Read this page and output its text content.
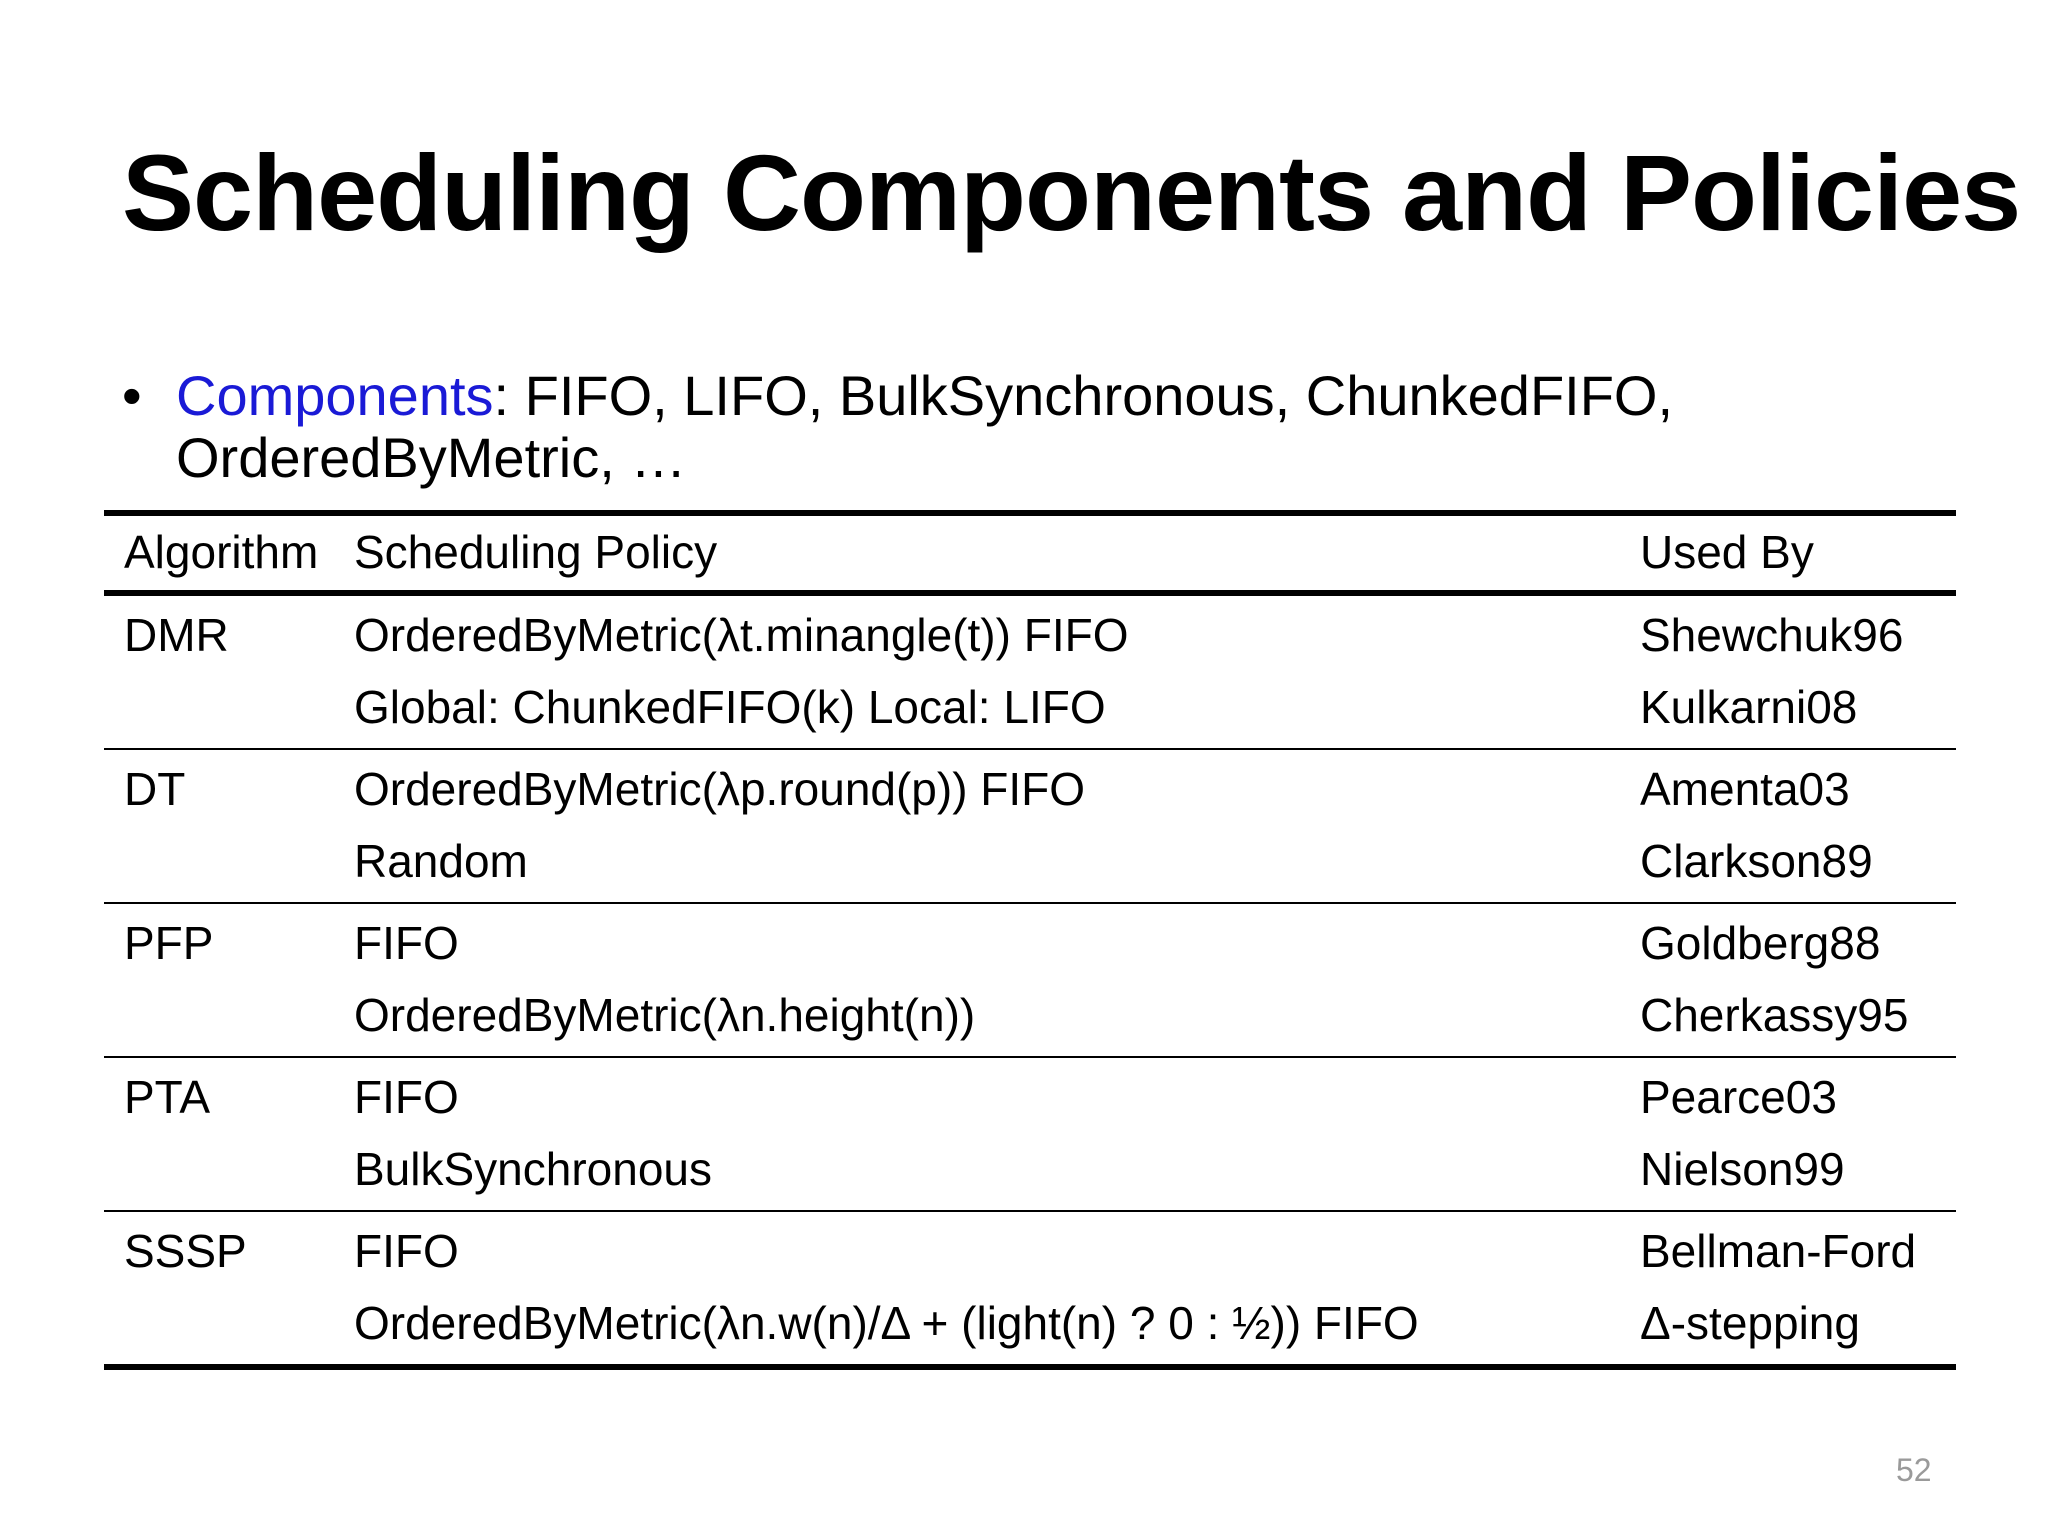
Scheduling Components and Policies
• Components: FIFO, LIFO, BulkSynchronous, ChunkedFIFO, OrderedByMetric, …
Algorithm	Scheduling Policy	Used By
DMR	OrderedByMetric(λt.minangle(t)) FIFO	Shewchuk96
	Global: ChunkedFIFO(k) Local: LIFO	Kulkarni08
DT	OrderedByMetric(λp.round(p)) FIFO	Amenta03
	Random	Clarkson89
PFP	FIFO	Goldberg88
	OrderedByMetric(λn.height(n))	Cherkassy95
PTA	FIFO	Pearce03
	BulkSynchronous	Nielson99
SSSP	FIFO	Bellman-Ford
	OrderedByMetric(λn.w(n)/Δ + (light(n) ? 0 : ½)) FIFO	Δ-stepping
52
